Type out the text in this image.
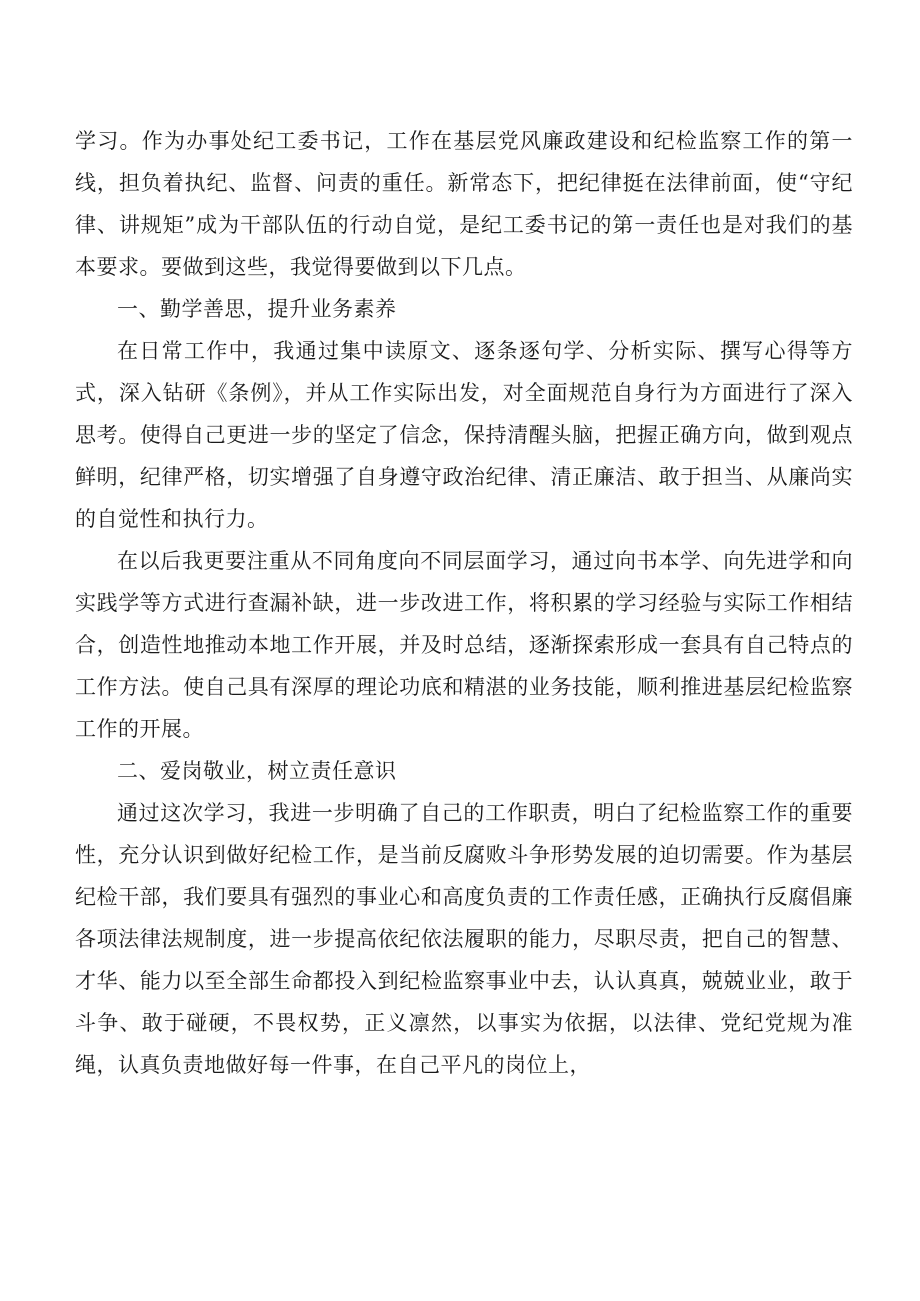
学习。作为办事处纪工委书记，工作在基层党风廉政建设和纪检监察工作的第一线，担负着执纪、监督、问责的重任。新常态下，把纪律挺在法律前面，使“守纪律、讲规矩”成为干部队伍的行动自觉，是纪工委书记的第一责任也是对我们的基本要求。要做到这些，我觉得要做到以下几点。

一、勤学善思，提升业务素养

在日常工作中，我通过集中读原文、逐条逐句学、分析实际、撰写心得等方式，深入钻研《条例》，并从工作实际出发，对全面规范自身行为方面进行了深入思考。使得自己更进一步的坚定了信念，保持清醒头脑，把握正确方向，做到观点鲜明，纪律严格，切实增强了自身遵守政治纪律、清正廉洁、敢于担当、从廉尚实的自觉性和执行力。

在以后我更要注重从不同角度向不同层面学习，通过向书本学、向先进学和向实践学等方式进行查漏补缺，进一步改进工作，将积累的学习经验与实际工作相结合，创造性地推动本地工作开展，并及时总结，逐渐探索形成一套具有自己特点的工作方法。使自己具有深厚的理论功底和精湛的业务技能，顺利推进基层纪检监察工作的开展。

二、爱岗敬业，树立责任意识

通过这次学习，我进一步明确了自己的工作职责，明白了纪检监察工作的重要性，充分认识到做好纪检工作，是当前反腐败斗争形势发展的迫切需要。作为基层纪检干部，我们要具有强烈的事业心和高度负责的工作责任感，正确执行反腐倡廉各项法律法规制度，进一步提高依纪依法履职的能力，尽职尽责，把自己的智慧、才华、能力以至全部生命都投入到纪检监察事业中去，认认真真，兢兢业业，敢于斗争、敢于碰硬，不畏权势，正义凛然，以事实为依据，以法律、党纪党规为准绳，认真负责地做好每一件事，在自己平凡的岗位上，
